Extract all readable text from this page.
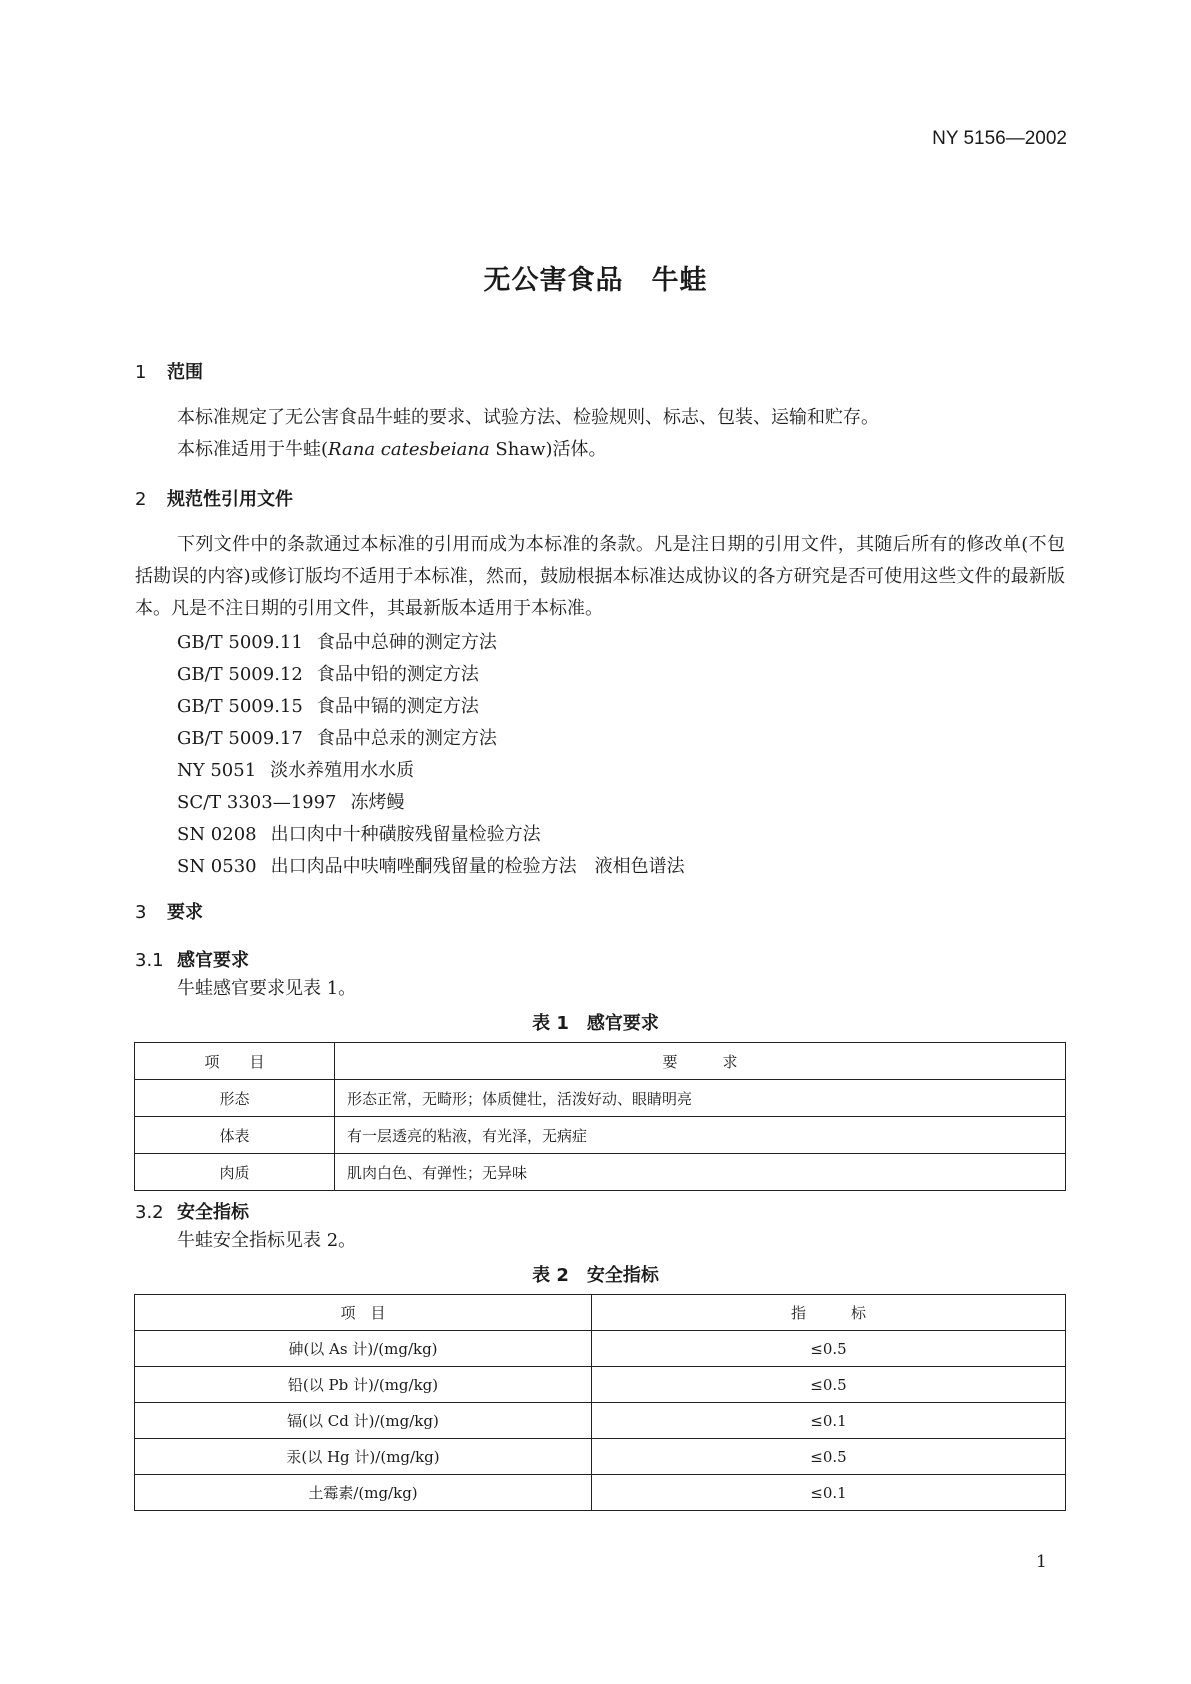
NY 5156—2002
无公害食品　牛蛙
1 范围
本标准规定了无公害食品牛蛙的要求、试验方法、检验规则、标志、包装、运输和贮存。
本标准适用于牛蛙(Rana catesbeiana Shaw)活体。
2 规范性引用文件
下列文件中的条款通过本标准的引用而成为本标准的条款。凡是注日期的引用文件，其随后所有的修改单(不包括勘误的内容)或修订版均不适用于本标准，然而，鼓励根据本标准达成协议的各方研究是否可使用这些文件的最新版本。凡是不注日期的引用文件，其最新版本适用于本标准。
GB/T 5009.11 食品中总砷的测定方法
GB/T 5009.12 食品中铅的测定方法
GB/T 5009.15 食品中镉的测定方法
GB/T 5009.17 食品中总汞的测定方法
NY 5051 淡水养殖用水水质
SC/T 3303—1997 冻烤鳗
SN 0208 出口肉中十种磺胺残留量检验方法
SN 0530 出口肉品中呋喃唑酮残留量的检验方法　液相色谱法
3 要求
3.1 感官要求
牛蛙感官要求见表 1。
表 1　感官要求
项　　目	要　　　求
形态	形态正常，无畸形；体质健壮，活泼好动、眼睛明亮
体表	有一层透亮的粘液，有光泽，无病症
肉质	肌肉白色、有弹性；无异味
3.2 安全指标
牛蛙安全指标见表 2。
表 2　安全指标
项　目	指　　　标
砷(以 As 计)/(mg/kg)	≤0.5
铅(以 Pb 计)/(mg/kg)	≤0.5
镉(以 Cd 计)/(mg/kg)	≤0.1
汞(以 Hg 计)/(mg/kg)	≤0.5
土霉素/(mg/kg)	≤0.1
1
